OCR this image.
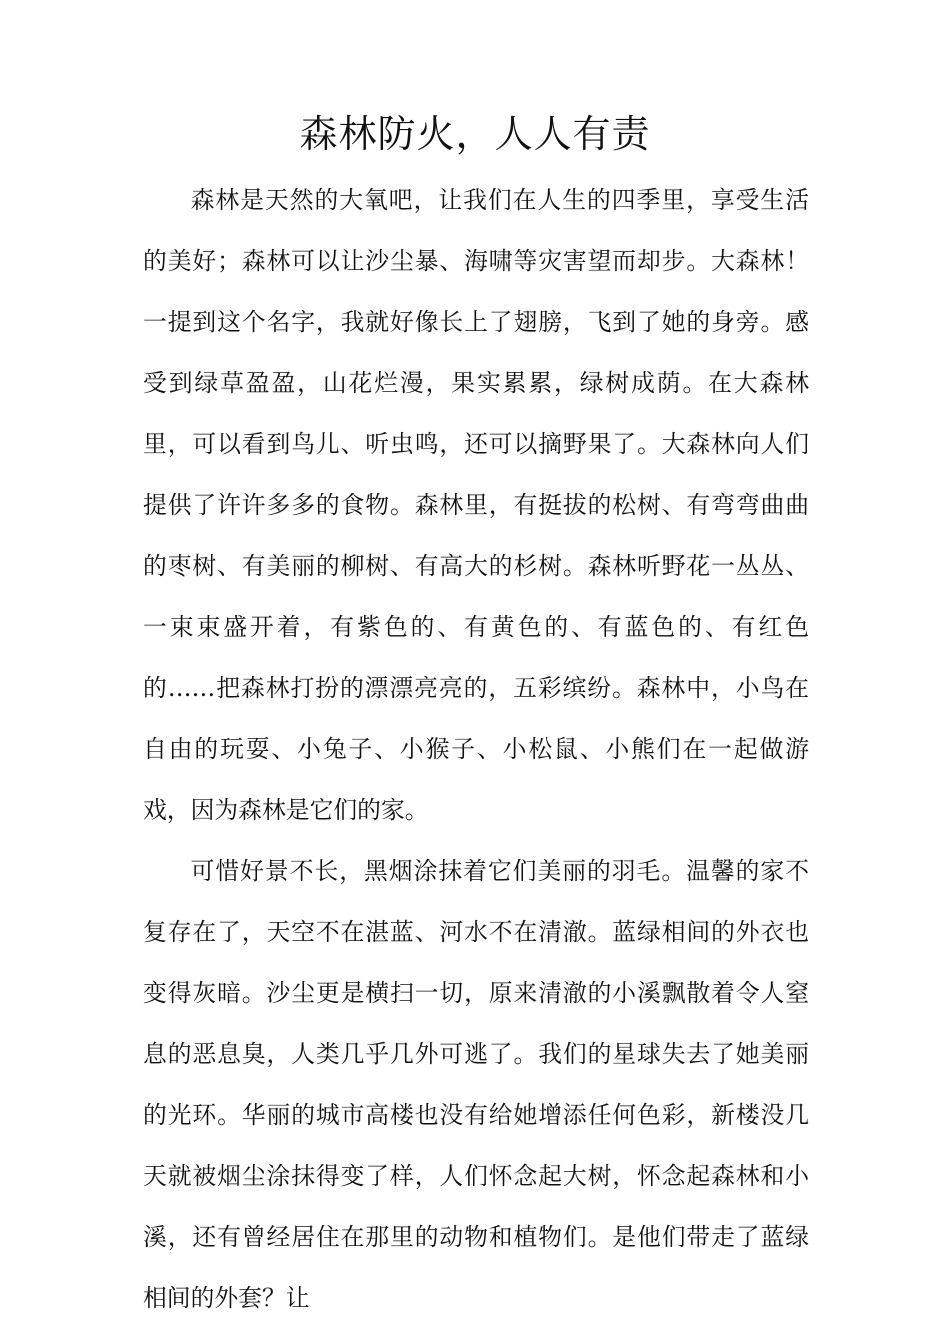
森林防火，人人有责

森林是天然的大氧吧，让我们在人生的四季里，享受生活的美好；森林可以让沙尘暴、海啸等灾害望而却步。大森林！一提到这个名字，我就好像长上了翅膀，飞到了她的身旁。感受到绿草盈盈，山花烂漫，果实累累，绿树成荫。在大森林里，可以看到鸟儿、听虫鸣，还可以摘野果了。大森林向人们提供了许许多多的食物。森林里，有挺拔的松树、有弯弯曲曲的枣树、有美丽的柳树、有高大的杉树。森林听野花一丛丛、一束束盛开着，有紫色的、有黄色的、有蓝色的、有红色的……把森林打扮的漂漂亮亮的，五彩缤纷。森林中，小鸟在自由的玩耍、小兔子、小猴子、小松鼠、小熊们在一起做游戏，因为森林是它们的家。

可惜好景不长，黑烟涂抹着它们美丽的羽毛。温馨的家不复存在了，天空不在湛蓝、河水不在清澈。蓝绿相间的外衣也变得灰暗。沙尘更是横扫一切，原来清澈的小溪飘散着令人窒息的恶息臭，人类几乎几外可逃了。我们的星球失去了她美丽的光环。华丽的城市高楼也没有给她增添任何色彩，新楼没几天就被烟尘涂抹得变了样，人们怀念起大树，怀念起森林和小溪，还有曾经居住在那里的动物和植物们。是他们带走了蓝绿相间的外套？让
